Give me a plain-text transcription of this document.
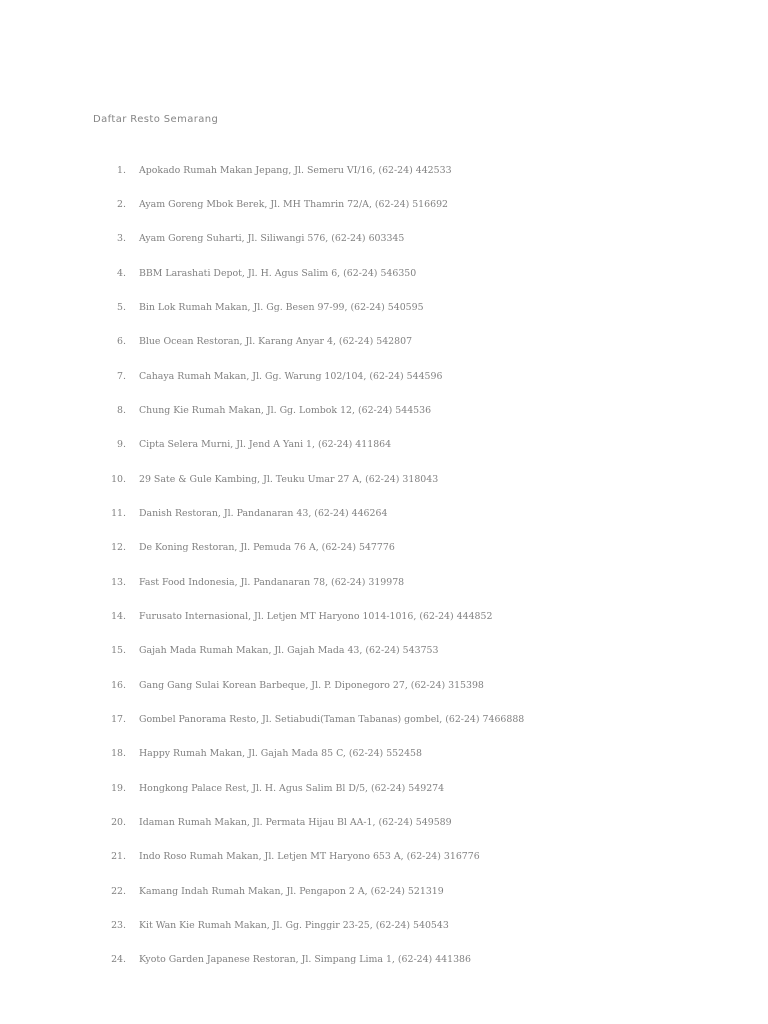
Daftar Resto Semarang
1. Apokado Rumah Makan Jepang, Jl. Semeru VI/16, (62-24) 442533
2. Ayam Goreng Mbok Berek, Jl. MH Thamrin 72/A, (62-24) 516692
3. Ayam Goreng Suharti, Jl. Siliwangi 576, (62-24) 603345
4. BBM Larashati Depot, Jl. H. Agus Salim 6, (62-24) 546350
5. Bin Lok Rumah Makan, Jl. Gg. Besen 97-99, (62-24) 540595
6. Blue Ocean Restoran, Jl. Karang Anyar 4, (62-24) 542807
7. Cahaya Rumah Makan, Jl. Gg. Warung 102/104, (62-24) 544596
8. Chung Kie Rumah Makan, Jl. Gg. Lombok 12, (62-24) 544536
9. Cipta Selera Murni, Jl. Jend A Yani 1, (62-24) 411864
10. 29 Sate & Gule Kambing, Jl. Teuku Umar 27 A, (62-24) 318043
11. Danish Restoran, Jl. Pandanaran 43, (62-24) 446264
12. De Koning Restoran, Jl. Pemuda 76 A, (62-24) 547776
13. Fast Food Indonesia, Jl. Pandanaran 78, (62-24) 319978
14. Furusato Internasional, Jl. Letjen MT Haryono 1014-1016, (62-24) 444852
15. Gajah Mada Rumah Makan, Jl. Gajah Mada 43, (62-24) 543753
16. Gang Gang Sulai Korean Barbeque, Jl. P. Diponegoro 27, (62-24) 315398
17. Gombel Panorama Resto, Jl. Setiabudi(Taman Tabanas) gombel, (62-24) 7466888
18. Happy Rumah Makan, Jl. Gajah Mada 85 C, (62-24) 552458
19. Hongkong Palace Rest, Jl. H. Agus Salim Bl D/5, (62-24) 549274
20. Idaman Rumah Makan, Jl. Permata Hijau Bl AA-1, (62-24) 549589
21. Indo Roso Rumah Makan, Jl. Letjen MT Haryono 653 A, (62-24) 316776
22. Kamang Indah Rumah Makan, Jl. Pengapon 2 A, (62-24) 521319
23. Kit Wan Kie Rumah Makan, Jl. Gg. Pinggir 23-25, (62-24) 540543
24. Kyoto Garden Japanese Restoran, Jl. Simpang Lima 1, (62-24) 441386
